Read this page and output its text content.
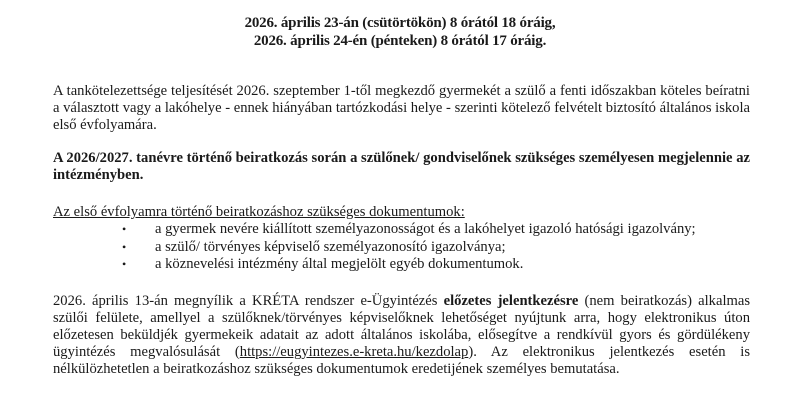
2026. április 23-án (csütörtökön) 8 órától 18 óráig,
2026. április 24-én (pénteken) 8 órától 17 óráig.

A tankötelezettsége teljesítését 2026. szeptember 1-től megkezdő gyermekét a szülő a fenti időszakban köteles beíratni a választott vagy a lakóhelye - ennek hiányában tartózkodási helye - szerinti kötelező felvételt biztosító általános iskola első évfolyamára.

A 2026/2027. tanévre történő beiratkozás során a szülőnek/ gondviselőnek szükséges személyesen megjelennie az intézményben.

Az első évfolyamra történő beiratkozáshoz szükséges dokumentumok:
• a gyermek nevére kiállított személyazonosságot és a lakóhelyet igazoló hatósági igazolvány;
• a szülő/ törvényes képviselő személyazonosító igazolványa;
• a köznevelési intézmény által megjelölt egyéb dokumentumok.

2026. április 13-án megnyílik a KRÉTA rendszer e-Ügyintézés előzetes jelentkezésre (nem beiratkozás) alkalmas szülői felülete, amellyel a szülőknek/törvényes képviselőknek lehetőséget nyújtunk arra, hogy elektronikus úton előzetesen beküldjék gyermekeik adatait az adott általános iskolába, elősegítve a rendkívül gyors és gördülékeny ügyintézés megvalósulását (https://eugyintezes.e-kreta.hu/kezdolap). Az elektronikus jelentkezés esetén is nélkülözhetetlen a beiratkozáshoz szükséges dokumentumok eredetijének személyes bemutatása.
